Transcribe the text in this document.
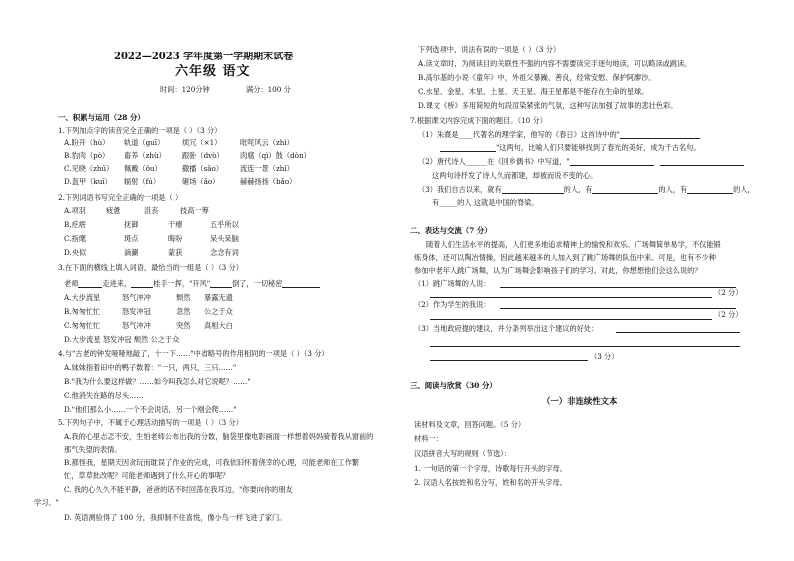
2022—2023 学年度第一学期期末试卷
六年级 语文
时间：120分钟	满分：100 分
一、积累与运用（28 分）
1.下列加点字的读音完全正确的一项是（ ）（3 分）
A.盼开（hù） 轨道（guī） 烦冗（×1）	吡咤风云（zhì）
B.豹肉（pò） 畜养（zhù） 跟卧（dvò） 肉腐（qì）鼓（dòn）
C.见晓（zhū） 佩戴（ǒu）	撒播（sǎo） 流连一景（zhǐ）
D.盔甲（kuī） 辐射（fú）	砸场（ǎo）	赫赫扬扬（bǎo）
2.下列词语书写完全正确的一项是（ ）
A.项羽	疲惫	沮丧	技高一筹
B.疙瘩	抚御	干瘪	五乎所以
C.指麾	斑点	晦吩	呆头呆脑
D.央似	滴涮	蒙获	念念有词
3.在下面的横线上填入词语，最恰当的一组是（ ）（3 分）
老师	走进来，	桂手一挥，"开风"	倒了，一切秘密
A.大步流星	怒气冲冲	颓然 暴露无遗
B.匆匆忙忙	怒发冲冠	忽然 公之于众
C.匆匆忙忙	怒气冲冲	突然 真相大白
D.大步流星 怒发冲冠 颓然 公之于众
4.与"古老的钟发哑哑地敲了，十一下……"中省略号的作用相同的一项是（ ）（3 分）
A.妹妹指着田中的鸭子数着："一只，两只，三只……"
B."我为什么要这样做？……如今叫我怎么对它说呢？……"
C.他消失在路的尽头……
D."他们那么小……一个不会说话，另一个刚会爬……"
5.下列句子中，不属于心理活动描写的一项是（ ）（3 分）
A.我的心里忐忑不安，生怕老师公布出我的分数，脑袋里像电影画面一样想着妈妈骑着我从窗前的
那气失望的表情。
B.都怪我，星期天因贪玩而耽误了作业的完成，可我依旧怀着侥幸的心理，可能老师在工作繁
忙，草草批改呢？可能老师遇到了什么开心的事呢？
C. 我的心久久不能平静，爸爸的话不时回荡在我耳边，"你要向你的朋友
学习。"
D. 英语测验得了 100 分，我抑制不住喜悦，像小鸟一样飞进了家门。
下列选项中，说法有误的一项是（ ）（3 分）
A.读文章时，为阅读目的关联性不强的内容不需要读完手逐句地读，可以略读或跳读。
B.高尔基的小说《童年》中，外祖父暴躁、善良，经常安慰、保护阿廖沙。
C.水星、金星、木星、土星、天王星、海王星都是不能存在生命的星球。
D.课文《桥》多用简短的句段渲染紧张的气氛，这种写法加强了故事的悲壮色彩。
7.根据课文内容完成下面的题目。（10 分）
（1）朱熹是____代著名的理学家，他写的《春日》这首诗中的"
"这两句，比喻人们只要能够找到了春光的美好，成为千古名句。
（2）唐代诗人______在《回乡偶书》中写道，"
这两句诗抒发了诗人久而都建，却被而说不变的心。
（3）我们自古以来，就有	的人，有	的人，有	的人，
有_____的人 这就是中国的脊梁。
二、表达与交流（7 分）
随着人们生活水平的提高，人们更多地追求精神上的愉悦和欢乐。广场舞简单易学，不仅能锻
炼身体，还可以陶冶情操，因此越来越多的人加入到了跳广场舞的队伍中来。可是，也有不少种
参加中老年人跳广场舞，认为广场舞会影响孩子们的学习。对此，你想想他们会这么说的？
（1）跳广场舞的人说：
（2 分）
（2）作为学生的我说：
（2 分）
（3）当地政府提的建议，并分条列举出这个建议的好处：
（3 分）
三、阅读与欣赏（30 分）
（一）非连续性文本
读材料及文章，回答问题。（5 分）
材料一：
汉语拼音大写的规则（节选）：
1. 一句话的第一个字母，诗歌每行开头的字母。
2. 汉语人名按姓和名分写，姓和名的开头字母。
